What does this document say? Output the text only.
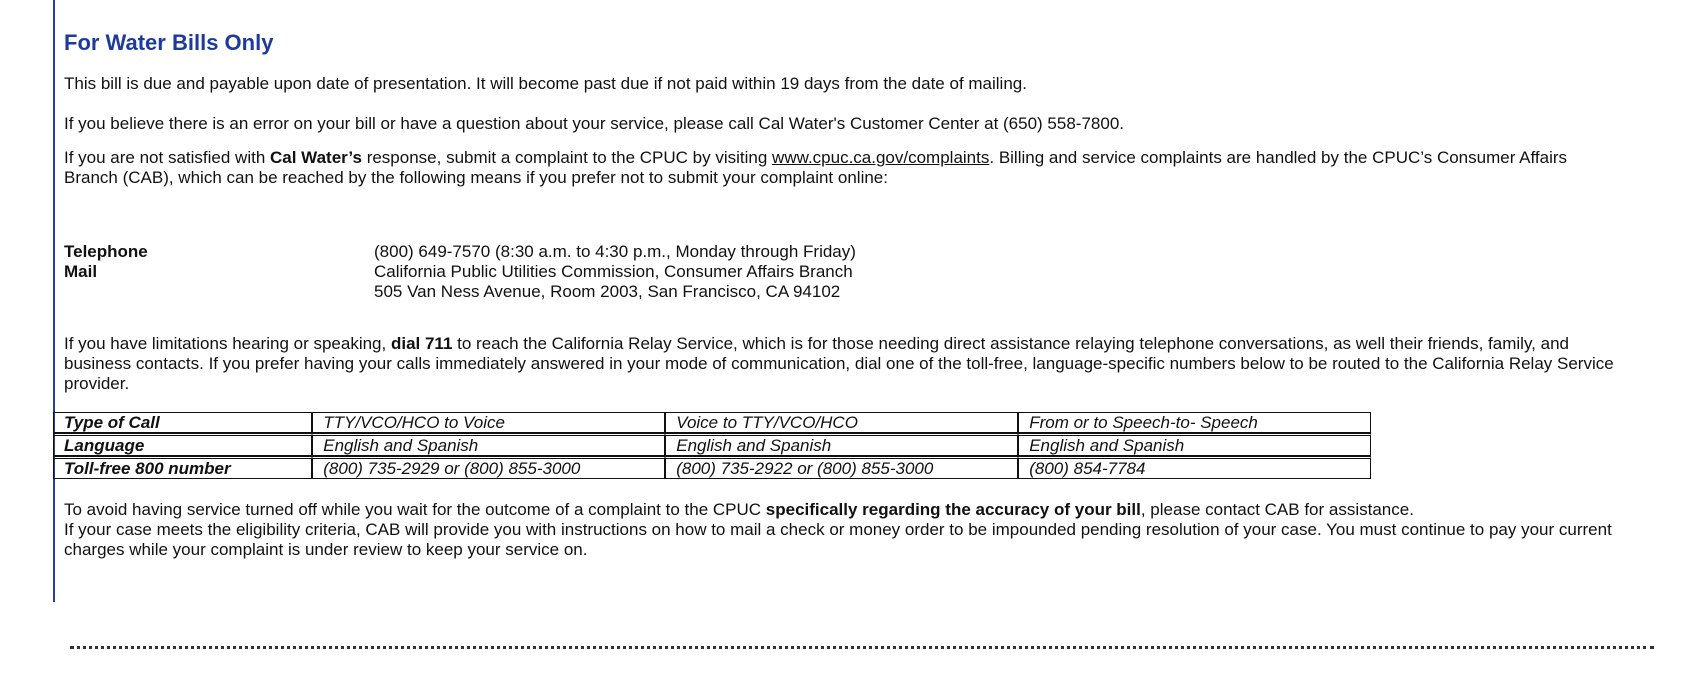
For Water Bills Only

This bill is due and payable upon date of presentation. It will become past due if not paid within 19 days from the date of mailing.

If you believe there is an error on your bill or have a question about your service, please call Cal Water's Customer Center at (650) 558-7800.

If you are not satisfied with Cal Water’s response, submit a complaint to the CPUC by visiting www.cpuc.ca.gov/complaints. Billing and service complaints are handled by the CPUC’s Consumer Affairs Branch (CAB), which can be reached by the following means if you prefer not to submit your complaint online:

Telephone	(800) 649-7570 (8:30 a.m. to 4:30 p.m., Monday through Friday)
Mail	California Public Utilities Commission, Consumer Affairs Branch
505 Van Ness Avenue, Room 2003, San Francisco, CA 94102

If you have limitations hearing or speaking, dial 711 to reach the California Relay Service, which is for those needing direct assistance relaying telephone conversations, as well their friends, family, and business contacts. If you prefer having your calls immediately answered in your mode of communication, dial one of the toll-free, language-specific numbers below to be routed to the California Relay Service provider.

Type of Call	TTY/VCO/HCO to Voice	Voice to TTY/VCO/HCO	From or to Speech-to- Speech
Language	English and Spanish	English and Spanish	English and Spanish
Toll-free 800 number	(800) 735-2929 or (800) 855-3000	(800) 735-2922 or (800) 855-3000	(800) 854-7784

To avoid having service turned off while you wait for the outcome of a complaint to the CPUC specifically regarding the accuracy of your bill, please contact CAB for assistance.

If your case meets the eligibility criteria, CAB will provide you with instructions on how to mail a check or money order to be impounded pending resolution of your case. You must continue to pay your current charges while your complaint is under review to keep your service on.
